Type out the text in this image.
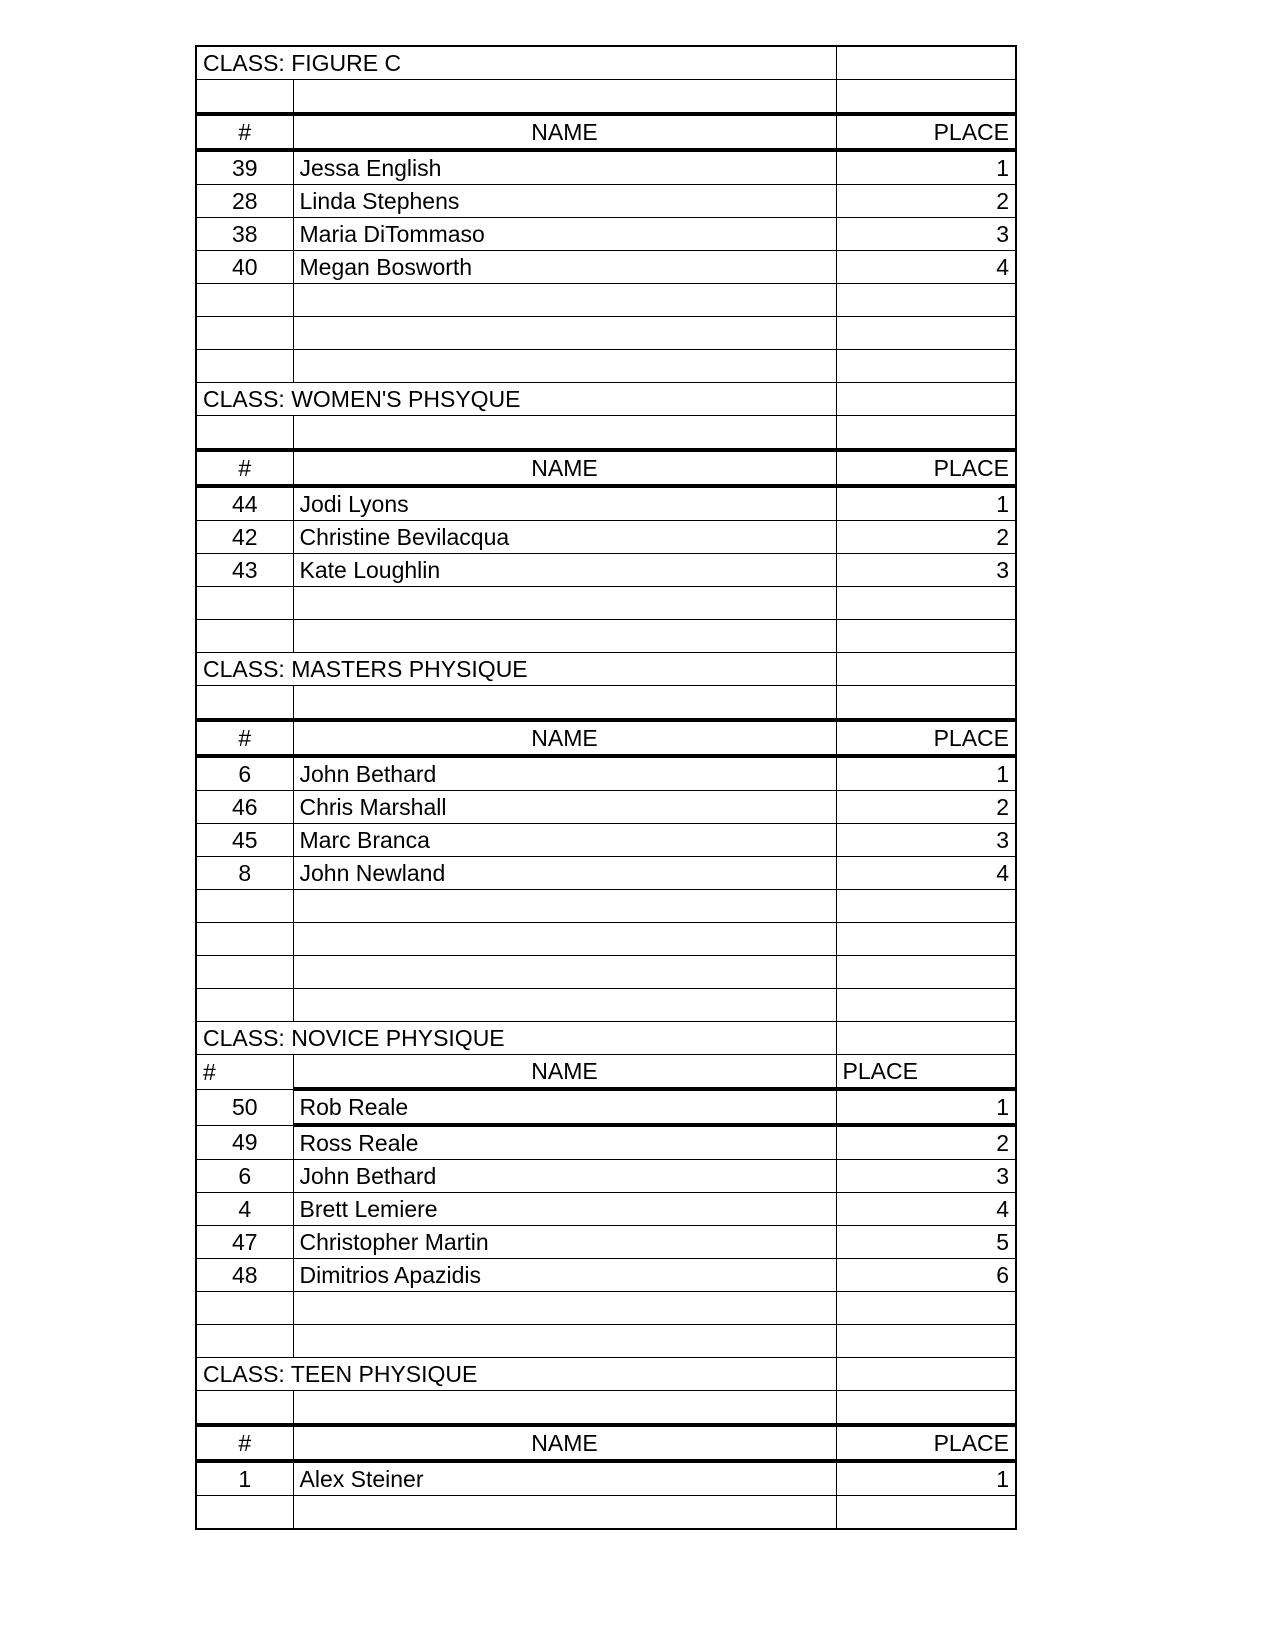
CLASS: FIGURE C		

#	NAME	PLACE
39	Jessa English	1
28	Linda Stephens	2
38	Maria DiTommaso	3
40	Megan Bosworth	4

CLASS: WOMEN'S PHSYQUE		

#	NAME	PLACE
44	Jodi Lyons	1
42	Christine Bevilacqua	2
43	Kate Loughlin	3

CLASS: MASTERS PHYSIQUE		

#	NAME	PLACE
6	John Bethard	1
46	Chris Marshall	2
45	Marc Branca	3
8	John Newland	4

CLASS: NOVICE PHYSIQUE		
#	NAME	PLACE
50	Rob Reale	1
49	Ross Reale	2
6	John Bethard	3
4	Brett Lemiere	4
47	Christopher Martin	5
48	Dimitrios Apazidis	6

CLASS: TEEN PHYSIQUE		

#	NAME	PLACE
1	Alex Steiner	1
